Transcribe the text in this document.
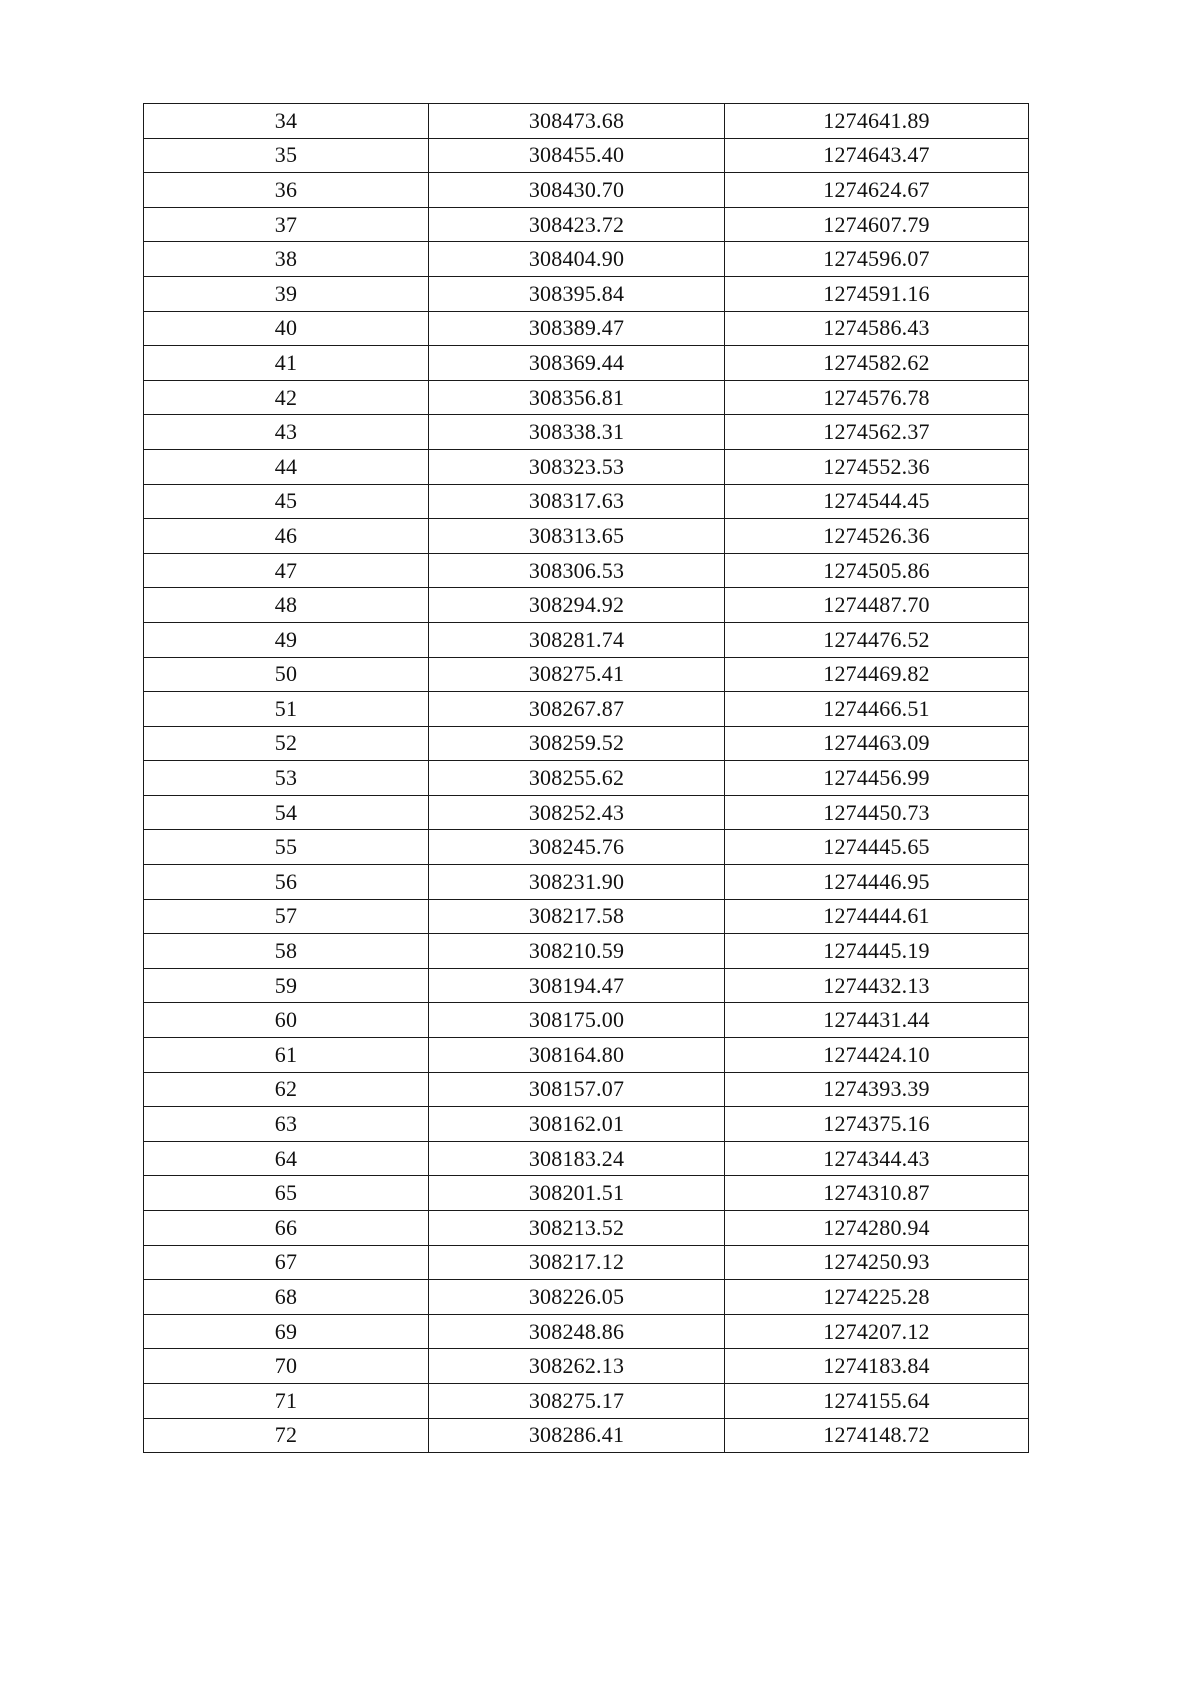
34	308473.68	1274641.89
35	308455.40	1274643.47
36	308430.70	1274624.67
37	308423.72	1274607.79
38	308404.90	1274596.07
39	308395.84	1274591.16
40	308389.47	1274586.43
41	308369.44	1274582.62
42	308356.81	1274576.78
43	308338.31	1274562.37
44	308323.53	1274552.36
45	308317.63	1274544.45
46	308313.65	1274526.36
47	308306.53	1274505.86
48	308294.92	1274487.70
49	308281.74	1274476.52
50	308275.41	1274469.82
51	308267.87	1274466.51
52	308259.52	1274463.09
53	308255.62	1274456.99
54	308252.43	1274450.73
55	308245.76	1274445.65
56	308231.90	1274446.95
57	308217.58	1274444.61
58	308210.59	1274445.19
59	308194.47	1274432.13
60	308175.00	1274431.44
61	308164.80	1274424.10
62	308157.07	1274393.39
63	308162.01	1274375.16
64	308183.24	1274344.43
65	308201.51	1274310.87
66	308213.52	1274280.94
67	308217.12	1274250.93
68	308226.05	1274225.28
69	308248.86	1274207.12
70	308262.13	1274183.84
71	308275.17	1274155.64
72	308286.41	1274148.72
